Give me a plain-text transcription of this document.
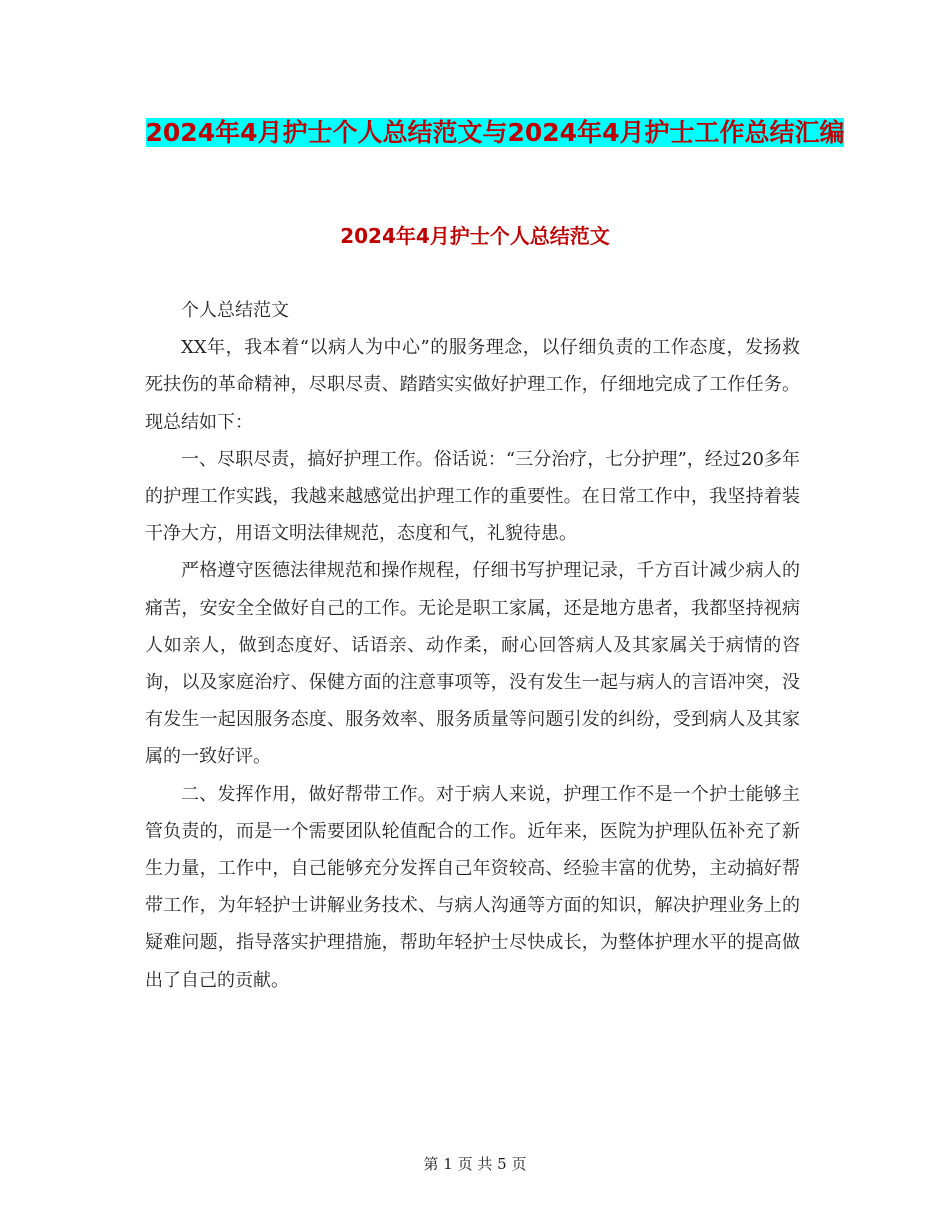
2024年4月护士个人总结范文与2024年4月护士工作总结汇编
2024年4月护士个人总结范文

个人总结范文

XX年，我本着“以病人为中心”的服务理念，以仔细负责的工作态度，发扬救死扶伤的革命精神，尽职尽责、踏踏实实做好护理工作，仔细地完成了工作任务。现总结如下：

一、尽职尽责，搞好护理工作。俗话说：“三分治疗，七分护理”，经过20多年的护理工作实践，我越来越感觉出护理工作的重要性。在日常工作中，我坚持着装干净大方，用语文明法律规范，态度和气，礼貌待患。

严格遵守医德法律规范和操作规程，仔细书写护理记录，千方百计减少病人的痛苦，安安全全做好自己的工作。无论是职工家属，还是地方患者，我都坚持视病人如亲人，做到态度好、话语亲、动作柔，耐心回答病人及其家属关于病情的咨询，以及家庭治疗、保健方面的注意事项等，没有发生一起与病人的言语冲突，没有发生一起因服务态度、服务效率、服务质量等问题引发的纠纷，受到病人及其家属的一致好评。

二、发挥作用，做好帮带工作。对于病人来说，护理工作不是一个护士能够主管负责的，而是一个需要团队轮值配合的工作。近年来，医院为护理队伍补充了新生力量，工作中，自己能够充分发挥自己年资较高、经验丰富的优势，主动搞好帮带工作，为年轻护士讲解业务技术、与病人沟通等方面的知识，解决护理业务上的疑难问题，指导落实护理措施，帮助年轻护士尽快成长，为整体护理水平的提高做出了自己的贡献。

第 1 页 共 5 页
